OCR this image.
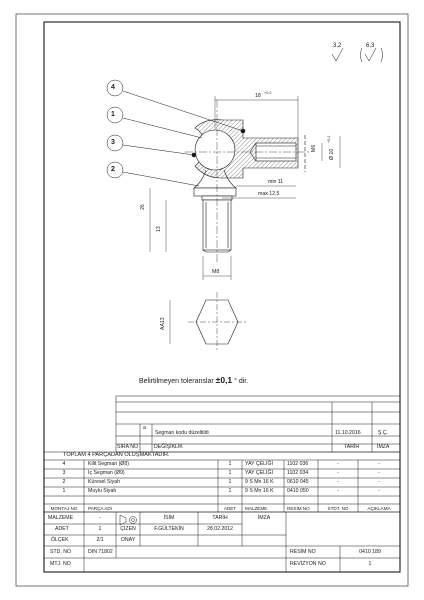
3,2	6,3
4
1
3
2
18 +0,2
M6
Ø 10
+0,1
min 11
max 12,5
26
13
M8
AA13
Belirtilmeyen toleranslar ±0,1 ° dir.
a
Segman kodu düzeltildi	11.10.2016	Ş.Ç.
SIRA NO	DEĞİŞİKLİK	TARİH	İMZA
TOPLAM 4 PARÇADAN OLUŞMAKTADIR.
4	Kilit Segman (Ø8)	1	YAY ÇELİĞİ	1102 036	-	-
3	İç Segman (Ø9)	1	YAY ÇELİĞİ	1102 034	-	-
2	Küresel Siyah	1	9 S Mn 16 K	0610 045	-	-
1	Muylu Siyah	1	9 S Mn 16 K	0410 050	-	-
MONTAJ NO	PARÇA ADI	ADET	MALZEME	RESİM NO	STDT. NO	AÇIKLAMA
MALZEME	-	İSİM	TARİH	İMZA
ADET	1	ÇİZEN	F.GÜLTEKİN	28.02.2012
ÖLÇEK	2/1	ONAY
STD. NO	DIN 71802
MTJ. NO
RESİM NO	0410 189
REVİZYON NO	1
